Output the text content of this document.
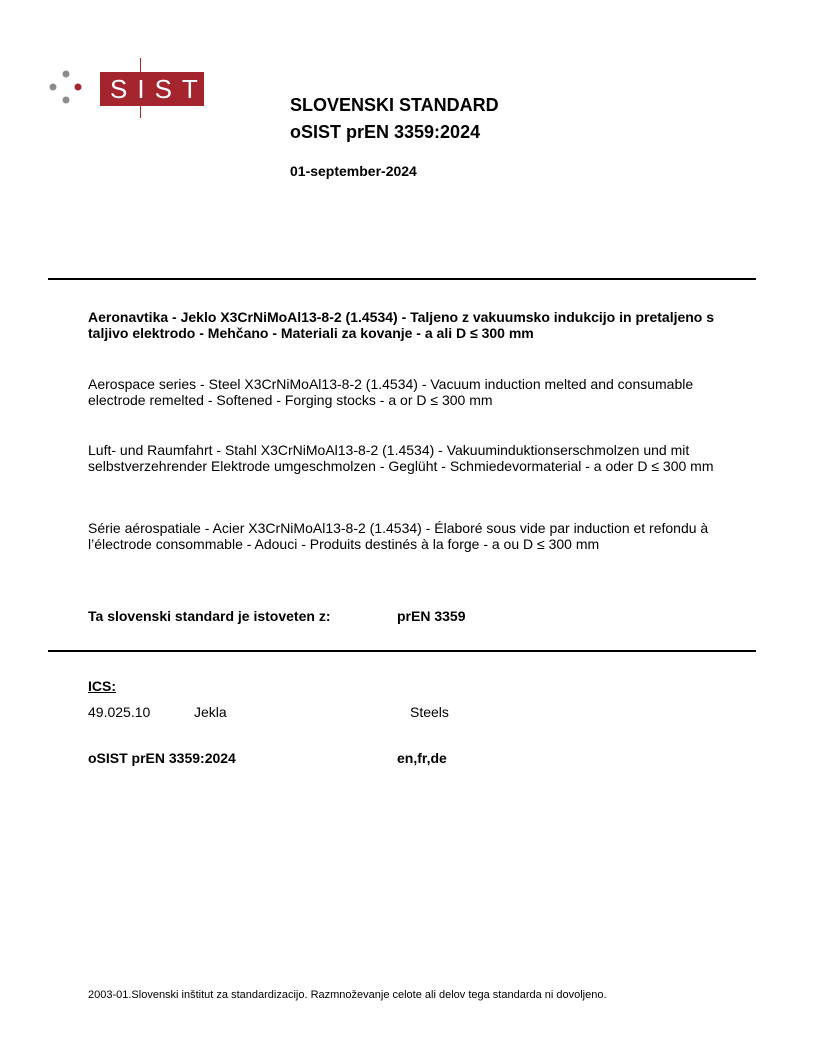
SIST
SLOVENSKI STANDARD
oSIST prEN 3359:2024
01-september-2024
Aeronavtika - Jeklo X3CrNiMoAl13-8-2 (1.4534) - Taljeno z vakuumsko indukcijo in pretaljeno s taljivo elektrodo - Mehčano - Materiali za kovanje - a ali D ≤ 300 mm
Aerospace series - Steel X3CrNiMoAl13-8-2 (1.4534) - Vacuum induction melted and consumable electrode remelted - Softened - Forging stocks - a or D ≤ 300 mm
Luft- und Raumfahrt - Stahl X3CrNiMoAl13-8-2 (1.4534) - Vakuuminduktionserschmolzen und mit selbstverzehrender Elektrode umgeschmolzen - Geglüht - Schmiedevormaterial - a oder D ≤ 300 mm
Série aérospatiale - Acier X3CrNiMoAl13-8-2 (1.4534) - Élaboré sous vide par induction et refondu à l’électrode consommable - Adouci - Produits destinés à la forge - a ou D ≤ 300 mm
Ta slovenski standard je istoveten z:	prEN 3359
ICS:
49.025.10	Jekla	Steels
oSIST prEN 3359:2024	en,fr,de
2003-01.Slovenski inštitut za standardizacijo. Razmnoževanje celote ali delov tega standarda ni dovoljeno.
